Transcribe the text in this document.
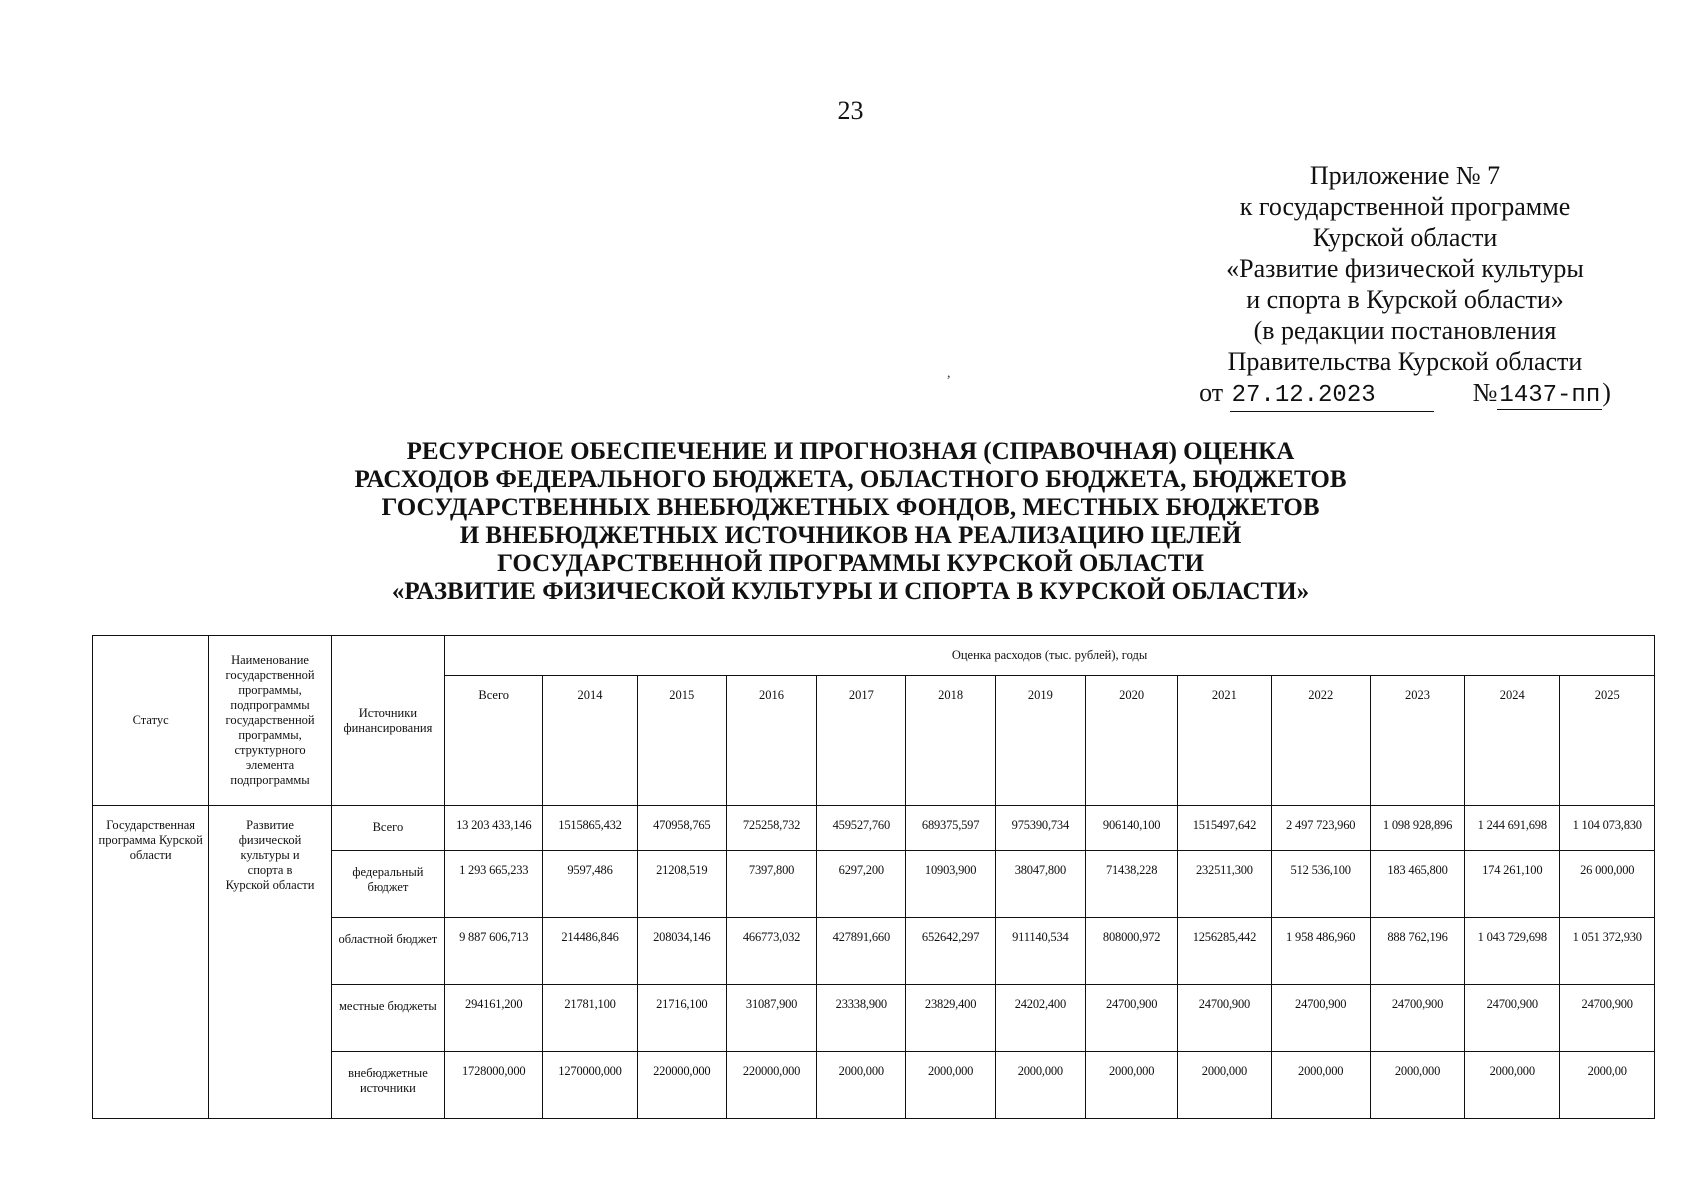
23
Приложение № 7
к государственной программе
Курской области
«Развитие физической культуры
и спорта в Курской области»
(в редакции постановления
Правительства Курской области
от 27.12.2023	№1437-пп)
,
РЕСУРСНОЕ ОБЕСПЕЧЕНИЕ И ПРОГНОЗНАЯ (СПРАВОЧНАЯ) ОЦЕНКА
РАСХОДОВ ФЕДЕРАЛЬНОГО БЮДЖЕТА, ОБЛАСТНОГО БЮДЖЕТА, БЮДЖЕТОВ
ГОСУДАРСТВЕННЫХ ВНЕБЮДЖЕТНЫХ ФОНДОВ, МЕСТНЫХ БЮДЖЕТОВ
И ВНЕБЮДЖЕТНЫХ ИСТОЧНИКОВ НА РЕАЛИЗАЦИЮ ЦЕЛЕЙ
ГОСУДАРСТВЕННОЙ ПРОГРАММЫ КУРСКОЙ ОБЛАСТИ
«РАЗВИТИЕ ФИЗИЧЕСКОЙ КУЛЬТУРЫ И СПОРТА В КУРСКОЙ ОБЛАСТИ»
Статус	Наименование государственной программы, подпрограммы государственной программы, структурного элемента подпрограммы	Источники финансирования	Оценка расходов (тыс. рублей), годы												
			Всего	2014	2015	2016	2017	2018	2019	2020	2021	2022	2023	2024	2025
Государственная программа Курской области	Развитие физической культуры и спорта в Курской области	Всего	13 203 433,146	1515865,432	470958,765	725258,732	459527,760	689375,597	975390,734	906140,100	1515497,642	2 497 723,960	1 098 928,896	1 244 691,698	1 104 073,830
		федеральный бюджет	1 293 665,233	9597,486	21208,519	7397,800	6297,200	10903,900	38047,800	71438,228	232511,300	512 536,100	183 465,800	174 261,100	26 000,000
		областной бюджет	9 887 606,713	214486,846	208034,146	466773,032	427891,660	652642,297	911140,534	808000,972	1256285,442	1 958 486,960	888 762,196	1 043 729,698	1 051 372,930
		местные бюджеты	294161,200	21781,100	21716,100	31087,900	23338,900	23829,400	24202,400	24700,900	24700,900	24700,900	24700,900	24700,900	24700,900
		внебюджетные источники	1728000,000	1270000,000	220000,000	220000,000	2000,000	2000,000	2000,000	2000,000	2000,000	2000,000	2000,000	2000,000	2000,00
